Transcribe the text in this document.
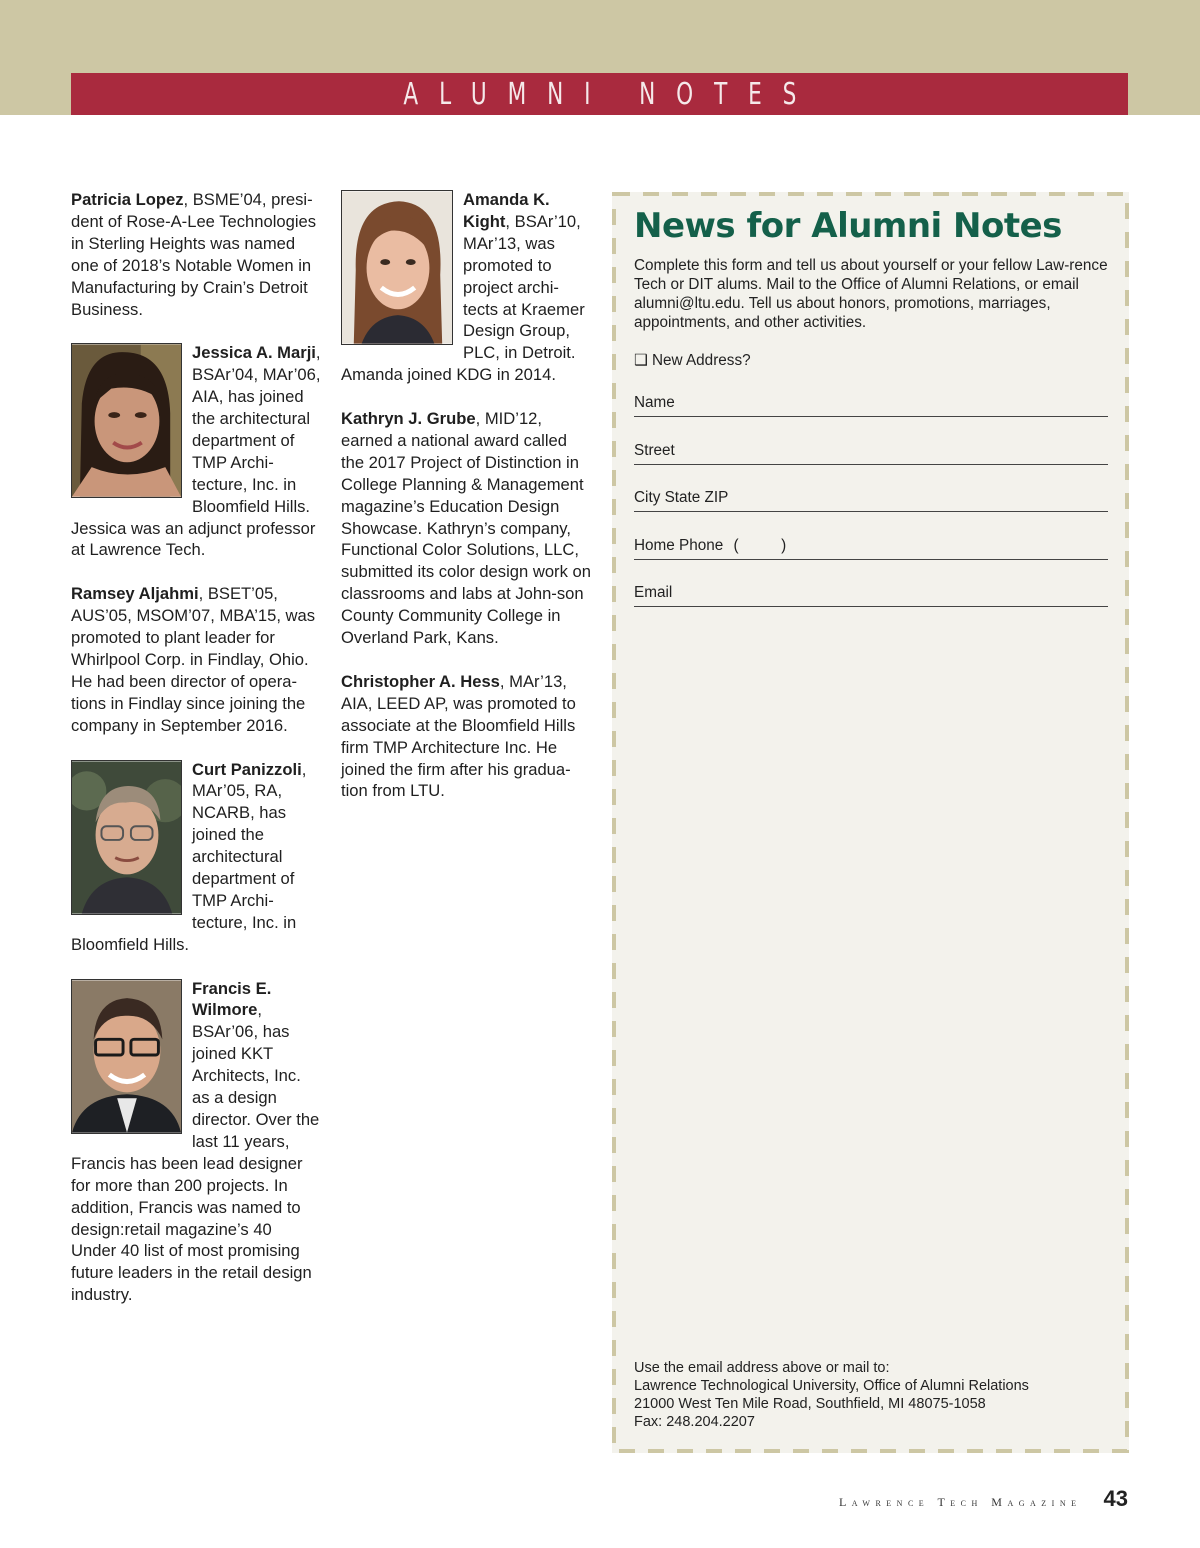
ALUMNI NOTES

Patricia Lopez, BSME’04, presi-dent of Rose-A-Lee Technologies in Sterling Heights was named one of 2018’s Notable Women in Manufacturing by Crain’s Detroit Business.

Jessica A. Marji, BSAr’04, MAr’06, AIA, has joined the architectural department of TMP Archi-tecture, Inc. in Bloomfield Hills. Jessica was an adjunct professor at Lawrence Tech.

Ramsey Aljahmi, BSET’05, AUS’05, MSOM’07, MBA’15, was promoted to plant leader for Whirlpool Corp. in Findlay, Ohio. He had been director of opera-tions in Findlay since joining the company in September 2016.

Curt Panizzoli, MAr’05, RA, NCARB, has joined the architectural department of TMP Archi-tecture, Inc. in Bloomfield Hills.

Francis E. Wilmore, BSAr’06, has joined KKT Architects, Inc. as a design director. Over the last 11 years, Francis has been lead designer for more than 200 projects. In addition, Francis was named to design:retail magazine’s 40 Under 40 list of most promising future leaders in the retail design industry.

Amanda K. Kight, BSAr’10, MAr’13, was promoted to project archi-tects at Kraemer Design Group, PLC, in Detroit. Amanda joined KDG in 2014.

Kathryn J. Grube, MID’12, earned a national award called the 2017 Project of Distinction in College Planning & Management magazine’s Education Design Showcase. Kathryn’s company, Functional Color Solutions, LLC, submitted its color design work on classrooms and labs at John-son County Community College in Overland Park, Kans.

Christopher A. Hess, MAr’13, AIA, LEED AP, was promoted to associate at the Bloomfield Hills firm TMP Architecture Inc. He joined the firm after his gradua-tion from LTU.

News for Alumni Notes
Complete this form and tell us about yourself or your fellow Law-rence Tech or DIT alums. Mail to the Office of Alumni Relations, or email alumni@ltu.edu. Tell us about honors, promotions, marriages, appointments, and other activities.
❑ New Address?
Name
Street
City State ZIP
Home Phone (          )
Email
Use the email address above or mail to:
Lawrence Technological University, Office of Alumni Relations
21000 West Ten Mile Road, Southfield, MI 48075-1058
Fax: 248.204.2207
Lawrence Tech Magazine 43
